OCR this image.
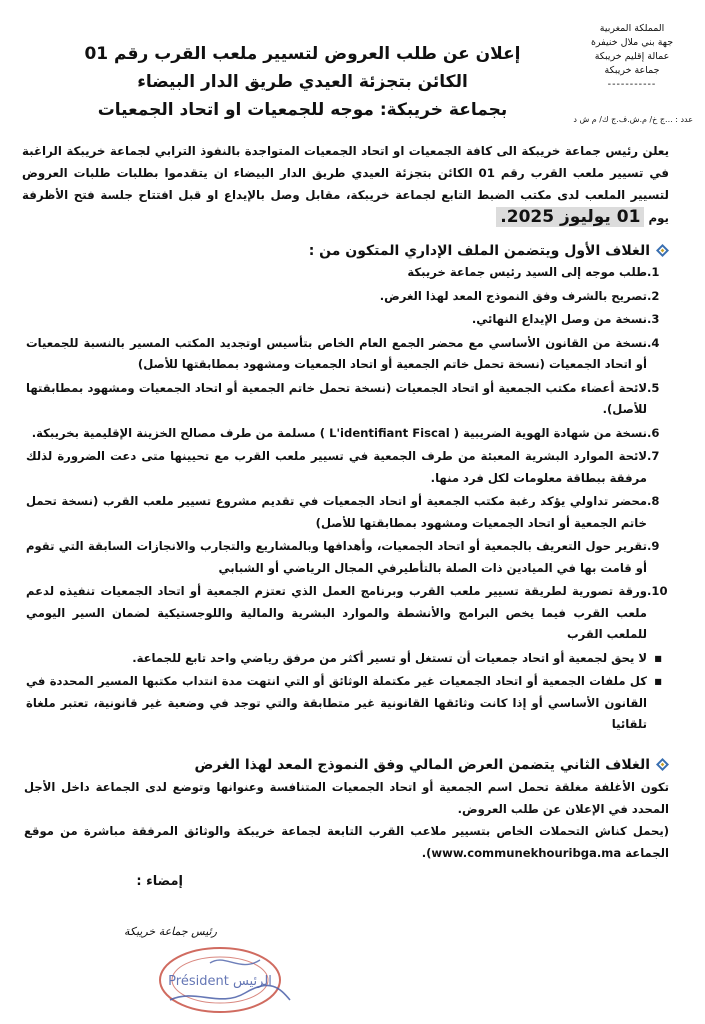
المملكة المغربية
جهة بني ملال خنيفرة
عمالة إقليم خريبكة
جماعة خريبكة
-----------
إعلان عن طلب العروض لتسيير ملعب القرب رقم 01
الكائن بتجزئة العيدي طريق الدار البيضاء
بجماعة خريبكة: موجه للجمعيات او اتحاد الجمعيات	عدد : ...ج خ/ م.ش.ف.ج ك/ م ش د

يعلن رئيس جماعة خريبكة الى كافة الجمعيات او اتحاد الجمعيات المتواجدة بالنفوذ الترابي لجماعة خريبكة الراغبة في تسيير ملعب القرب رقم 01 الكائن بتجزئة العيدي طريق الدار البيضاء ان يتقدموا بطلبات طلبات العروض لتسيير الملعب لدى مكتب الضبط التابع لجماعة خريبكة، مقابل وصل بالإيداع او قبل افتتاح جلسة فتح الأظرفة يوم 01 يوليوز 2025.

الغلاف الأول ويتضمن الملف الإداري المتكون من :
1.
طلب موجه إلى السيد رئيس جماعة خريبكة
2.
تصريح بالشرف وفق النموذج المعد لهذا الغرض.
3.
نسخة من وصل الإيداع النهائي.
4.
نسخة من القانون الأساسي مع محضر الجمع العام الخاص بتأسيس اوتجديد المكتب المسير بالنسبة للجمعيات أو اتحاد الجمعيات (نسخة تحمل خاتم الجمعية أو اتحاد الجمعيات ومشهود بمطابقتها للأصل)
5.
لائحة أعضاء مكتب الجمعية أو اتحاد الجمعيات (نسخة تحمل خاتم الجمعية أو اتحاد الجمعيات ومشهود بمطابقتها للأصل).
6.
نسخة من شهادة الهوية الضريبية ( L'identifiant Fiscal ) مسلمة من طرف مصالح الخزينة الإقليمية بخريبكة.
7.
لائحة الموارد البشرية المعبئة من طرف الجمعية في تسيير ملعب القرب مع تحيينها متى دعت الضرورة لذلك مرفقة ببطاقة معلومات لكل فرد منها.
8.
محضر تداولي يؤكد رغبة مكتب الجمعية أو اتحاد الجمعيات في تقديم مشروع تسيير ملعب القرب (نسخة تحمل خاتم الجمعية أو اتحاد الجمعيات ومشهود بمطابقتها للأصل)
9.
تقرير حول التعريف بالجمعية أو اتحاد الجمعيات، وأهدافها وبالمشاريع والتجارب والانجازات السابقة التي تقوم أو قامت بها في الميادين ذات الصلة بالتأطيرفي المجال الرياضي أو الشبابي
10.
ورقة تصورية لطريقة تسيير ملعب القرب وبرنامج العمل الذي تعتزم الجمعية أو اتحاد الجمعيات تنفيذه لدعم ملعب القرب فيما يخص البرامج والأنشطة والموارد البشرية والمالية واللوجستيكية لضمان السير اليومي للملعب القرب
■
لا يحق لجمعية أو اتحاد جمعيات أن تستغل أو تسير أكثر من مرفق رياضي واحد تابع للجماعة.
■
كل ملفات الجمعية أو اتحاد الجمعيات غير مكتملة الوثائق أو التي انتهت مدة انتداب مكتبها المسير المحددة في القانون الأساسي أو إذا كانت وثائقها القانونية غير متطابقة والتي توجد في وضعية غير قانونية، تعتبر ملغاة تلقائيا
الغلاف الثاني يتضمن العرض المالي وفق النموذج المعد لهذا الغرض

تكون الأغلفة مغلقة تحمل اسم الجمعية أو اتحاد الجمعيات المتنافسة وعنوانها وتوضع لدى الجماعة داخل الأجل المحدد في الإعلان عن طلب العروض.

(يحمل كناش التحملات الخاص بتسيير ملاعب القرب التابعة لجماعة خريبكة والوثائق المرفقة مباشرة من موقع الجماعة www.communekhouribga.ma).

إمضاء :
رئيس جماعة خريبكة
الرئيس Président
